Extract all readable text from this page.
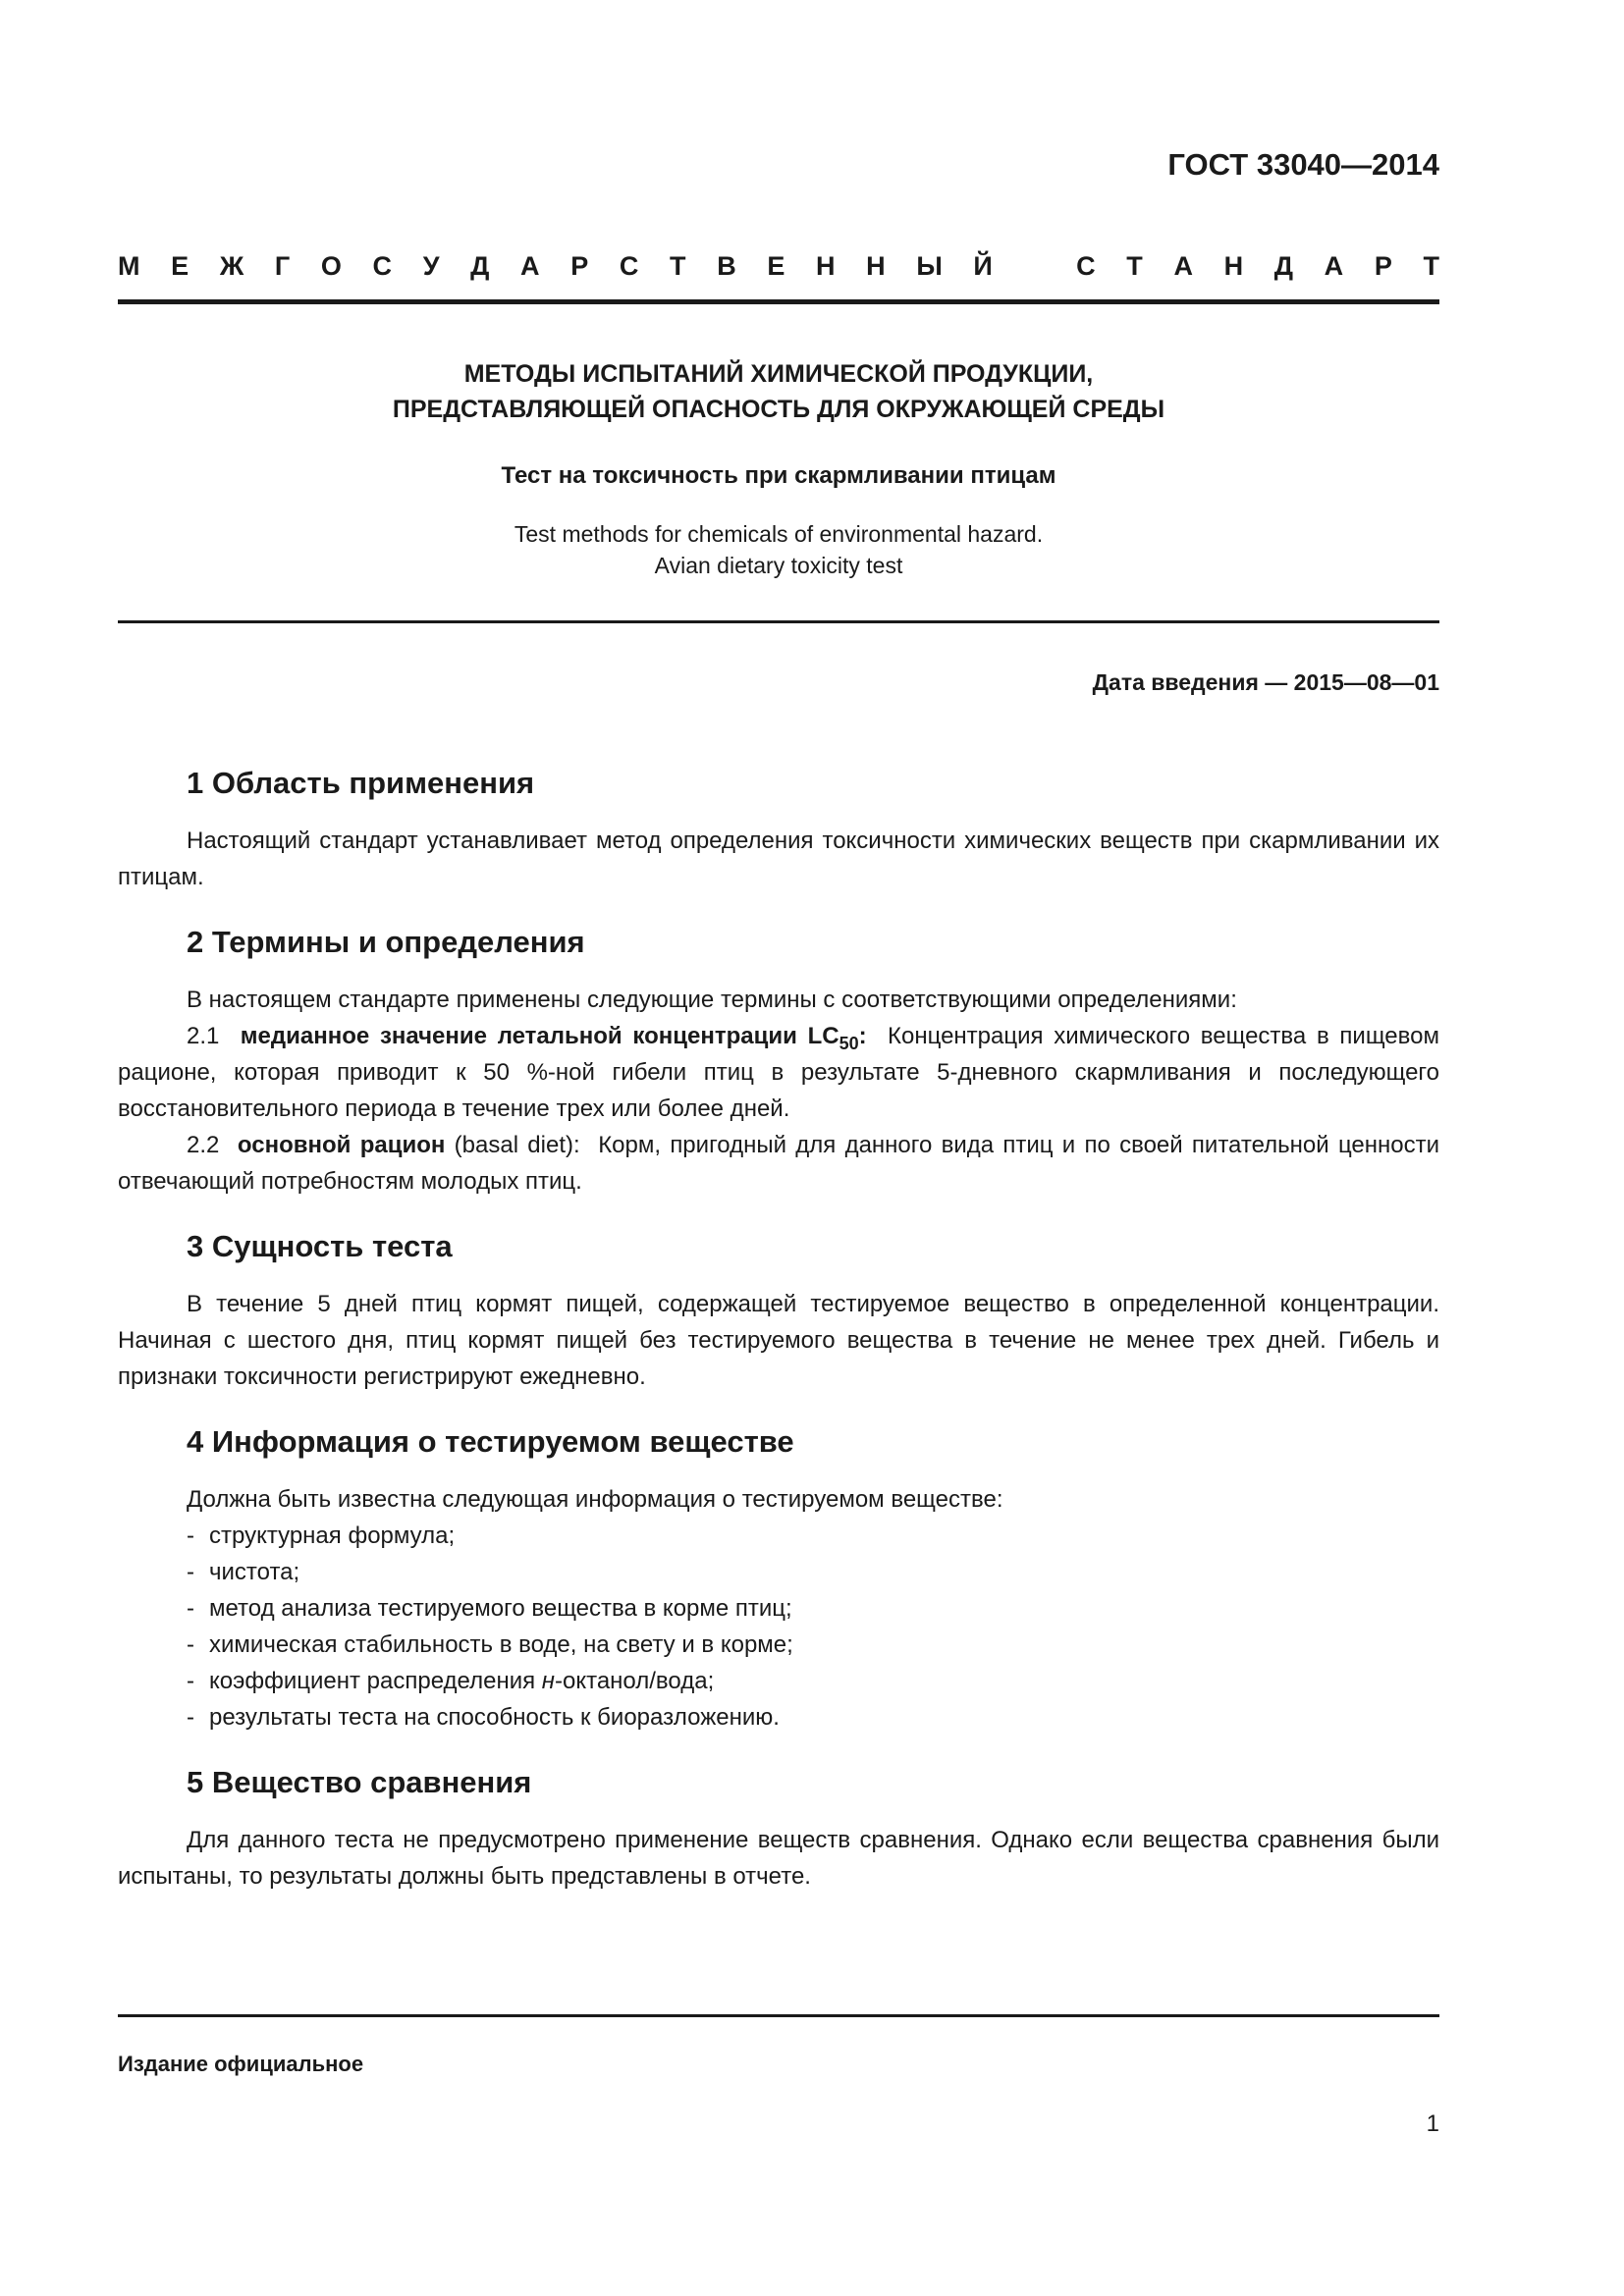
ГОСТ 33040—2014
М Е Ж Г О С У Д А Р С Т В Е Н Н Ы Й	С Т А Н Д А Р Т
МЕТОДЫ ИСПЫТАНИЙ ХИМИЧЕСКОЙ ПРОДУКЦИИ,
ПРЕДСТАВЛЯЮЩЕЙ ОПАСНОСТЬ ДЛЯ ОКРУЖАЮЩЕЙ СРЕДЫ
Тест на токсичность при скармливании птицам
Test methods for chemicals of environmental hazard.
Avian dietary toxicity test
Дата введения — 2015—08—01
1 Область применения

Настоящий стандарт устанавливает метод определения токсичности химических веществ при скармливании их птицам.

2 Термины и определения

В настоящем стандарте применены следующие термины с соответствующими определениями:

2.1 медианное значение летальной концентрации $LC_{50}$: Концентрация химического вещества в пищевом рационе, которая приводит к 50 %-ной гибели птиц в результате 5-дневного скармливания и последующего восстановительного периода в течение трех или более дней.

2.2 основной рацион (basal diet): Корм, пригодный для данного вида птиц и по своей питательной ценности отвечающий потребностям молодых птиц.

3 Сущность теста

В течение 5 дней птиц кормят пищей, содержащей тестируемое вещество в определенной концентрации. Начиная с шестого дня, птиц кормят пищей без тестируемого вещества в течение не менее трех дней. Гибель и признаки токсичности регистрируют ежедневно.

4 Информация о тестируемом веществе

Должна быть известна следующая информация о тестируемом веществе:

- структурная формула;
- чистота;
- метод анализа тестируемого вещества в корме птиц;
- химическая стабильность в воде, на свету и в корме;
- коэффициент распределения н-октанол/вода;
- результаты теста на способность к биоразложению.
5 Вещество сравнения

Для данного теста не предусмотрено применение веществ сравнения. Однако если вещества сравнения были испытаны, то результаты должны быть представлены в отчете.

Издание официальное
1
